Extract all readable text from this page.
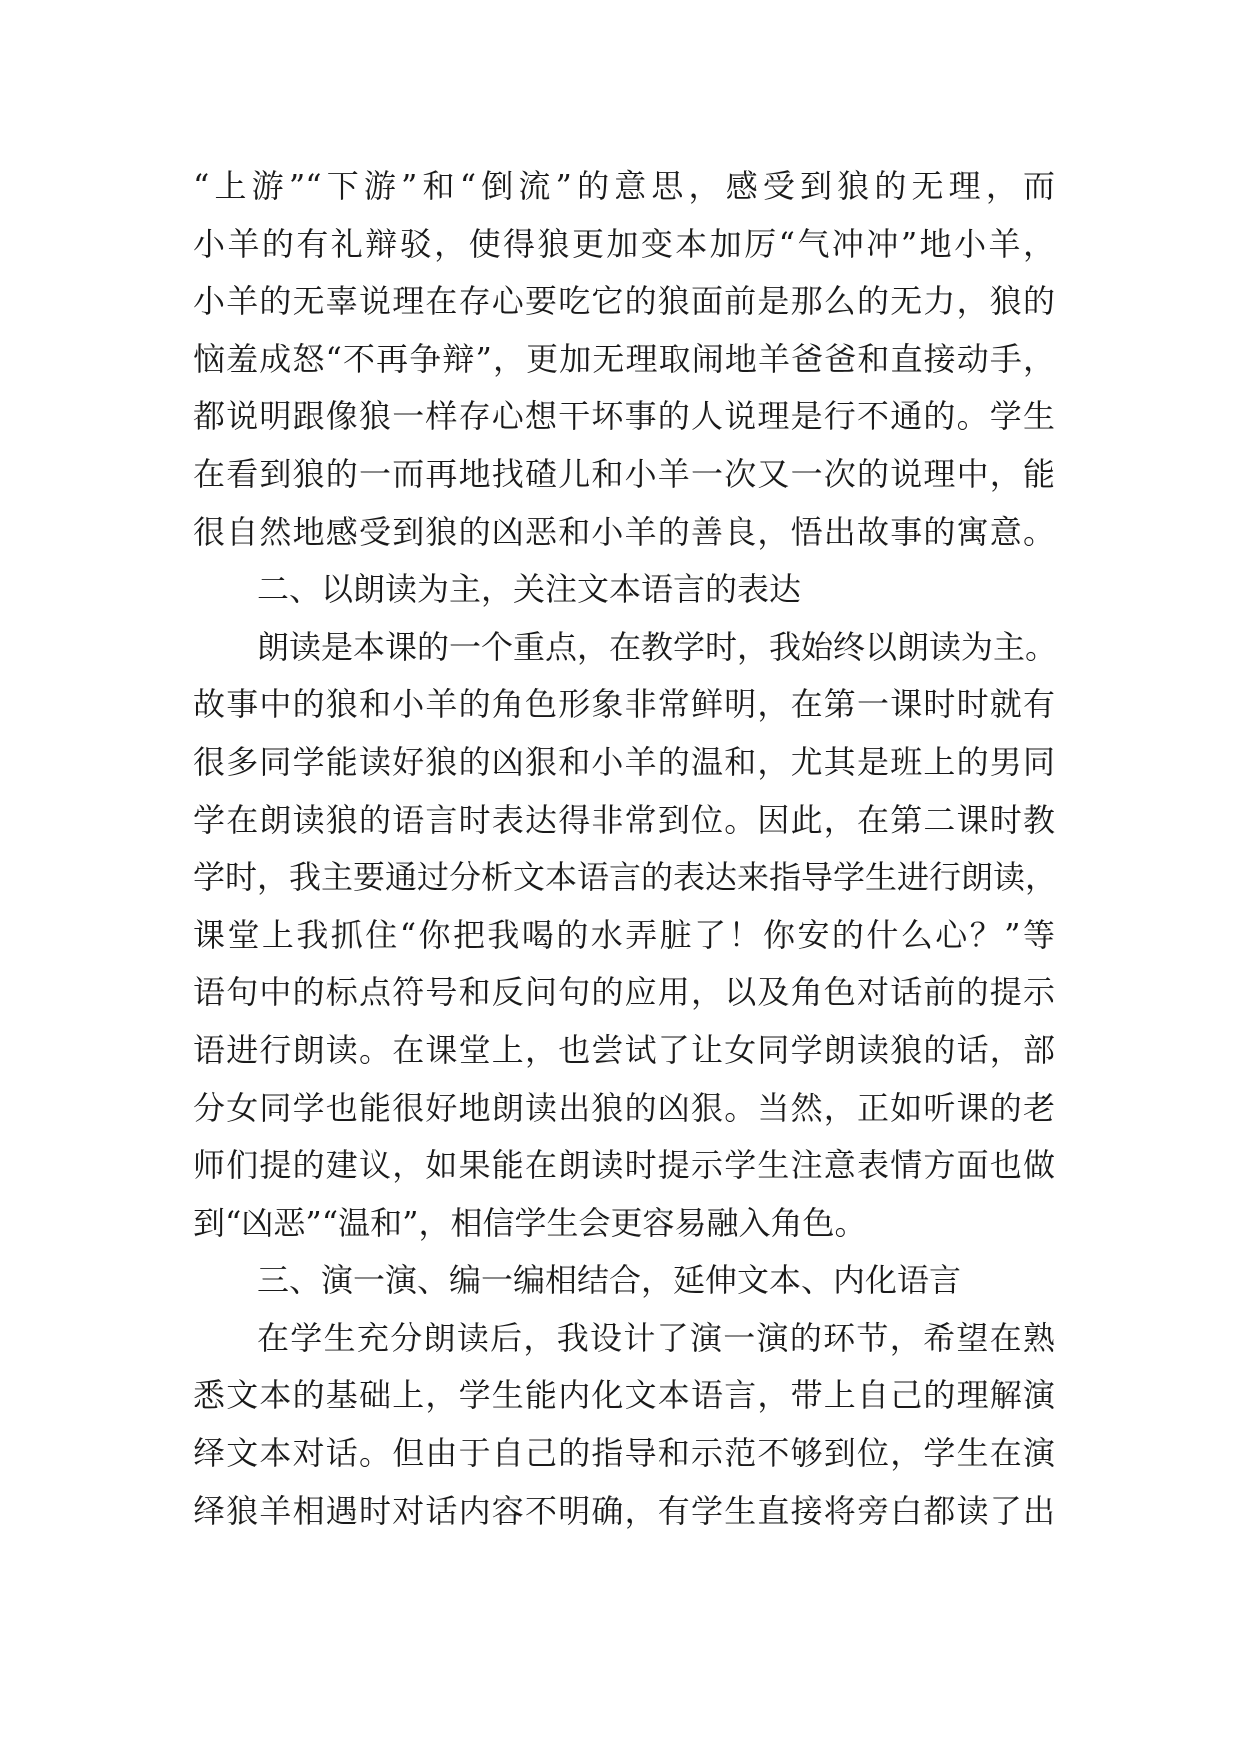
“上游”“下游”和“倒流”的意思，感受到狼的无理，而
小羊的有礼辩驳，使得狼更加变本加厉“气冲冲”地小羊，
小羊的无辜说理在存心要吃它的狼面前是那么的无力，狼的
恼羞成怒“不再争辩”，更加无理取闹地羊爸爸和直接动手，
都说明跟像狼一样存心想干坏事的人说理是行不通的。学生
在看到狼的一而再地找碴儿和小羊一次又一次的说理中，能
很自然地感受到狼的凶恶和小羊的善良，悟出故事的寓意。
二、以朗读为主，关注文本语言的表达
朗读是本课的一个重点，在教学时，我始终以朗读为主。
故事中的狼和小羊的角色形象非常鲜明，在第一课时时就有
很多同学能读好狼的凶狠和小羊的温和，尤其是班上的男同
学在朗读狼的语言时表达得非常到位。因此，在第二课时教
学时，我主要通过分析文本语言的表达来指导学生进行朗读，
课堂上我抓住“你把我喝的水弄脏了！你安的什么心？”等
语句中的标点符号和反问句的应用，以及角色对话前的提示
语进行朗读。在课堂上，也尝试了让女同学朗读狼的话，部
分女同学也能很好地朗读出狼的凶狠。当然，正如听课的老
师们提的建议，如果能在朗读时提示学生注意表情方面也做
到“凶恶”“温和”，相信学生会更容易融入角色。
三、演一演、编一编相结合，延伸文本、内化语言
在学生充分朗读后，我设计了演一演的环节，希望在熟
悉文本的基础上，学生能内化文本语言，带上自己的理解演
绎文本对话。但由于自己的指导和示范不够到位，学生在演
绎狼羊相遇时对话内容不明确，有学生直接将旁白都读了出
